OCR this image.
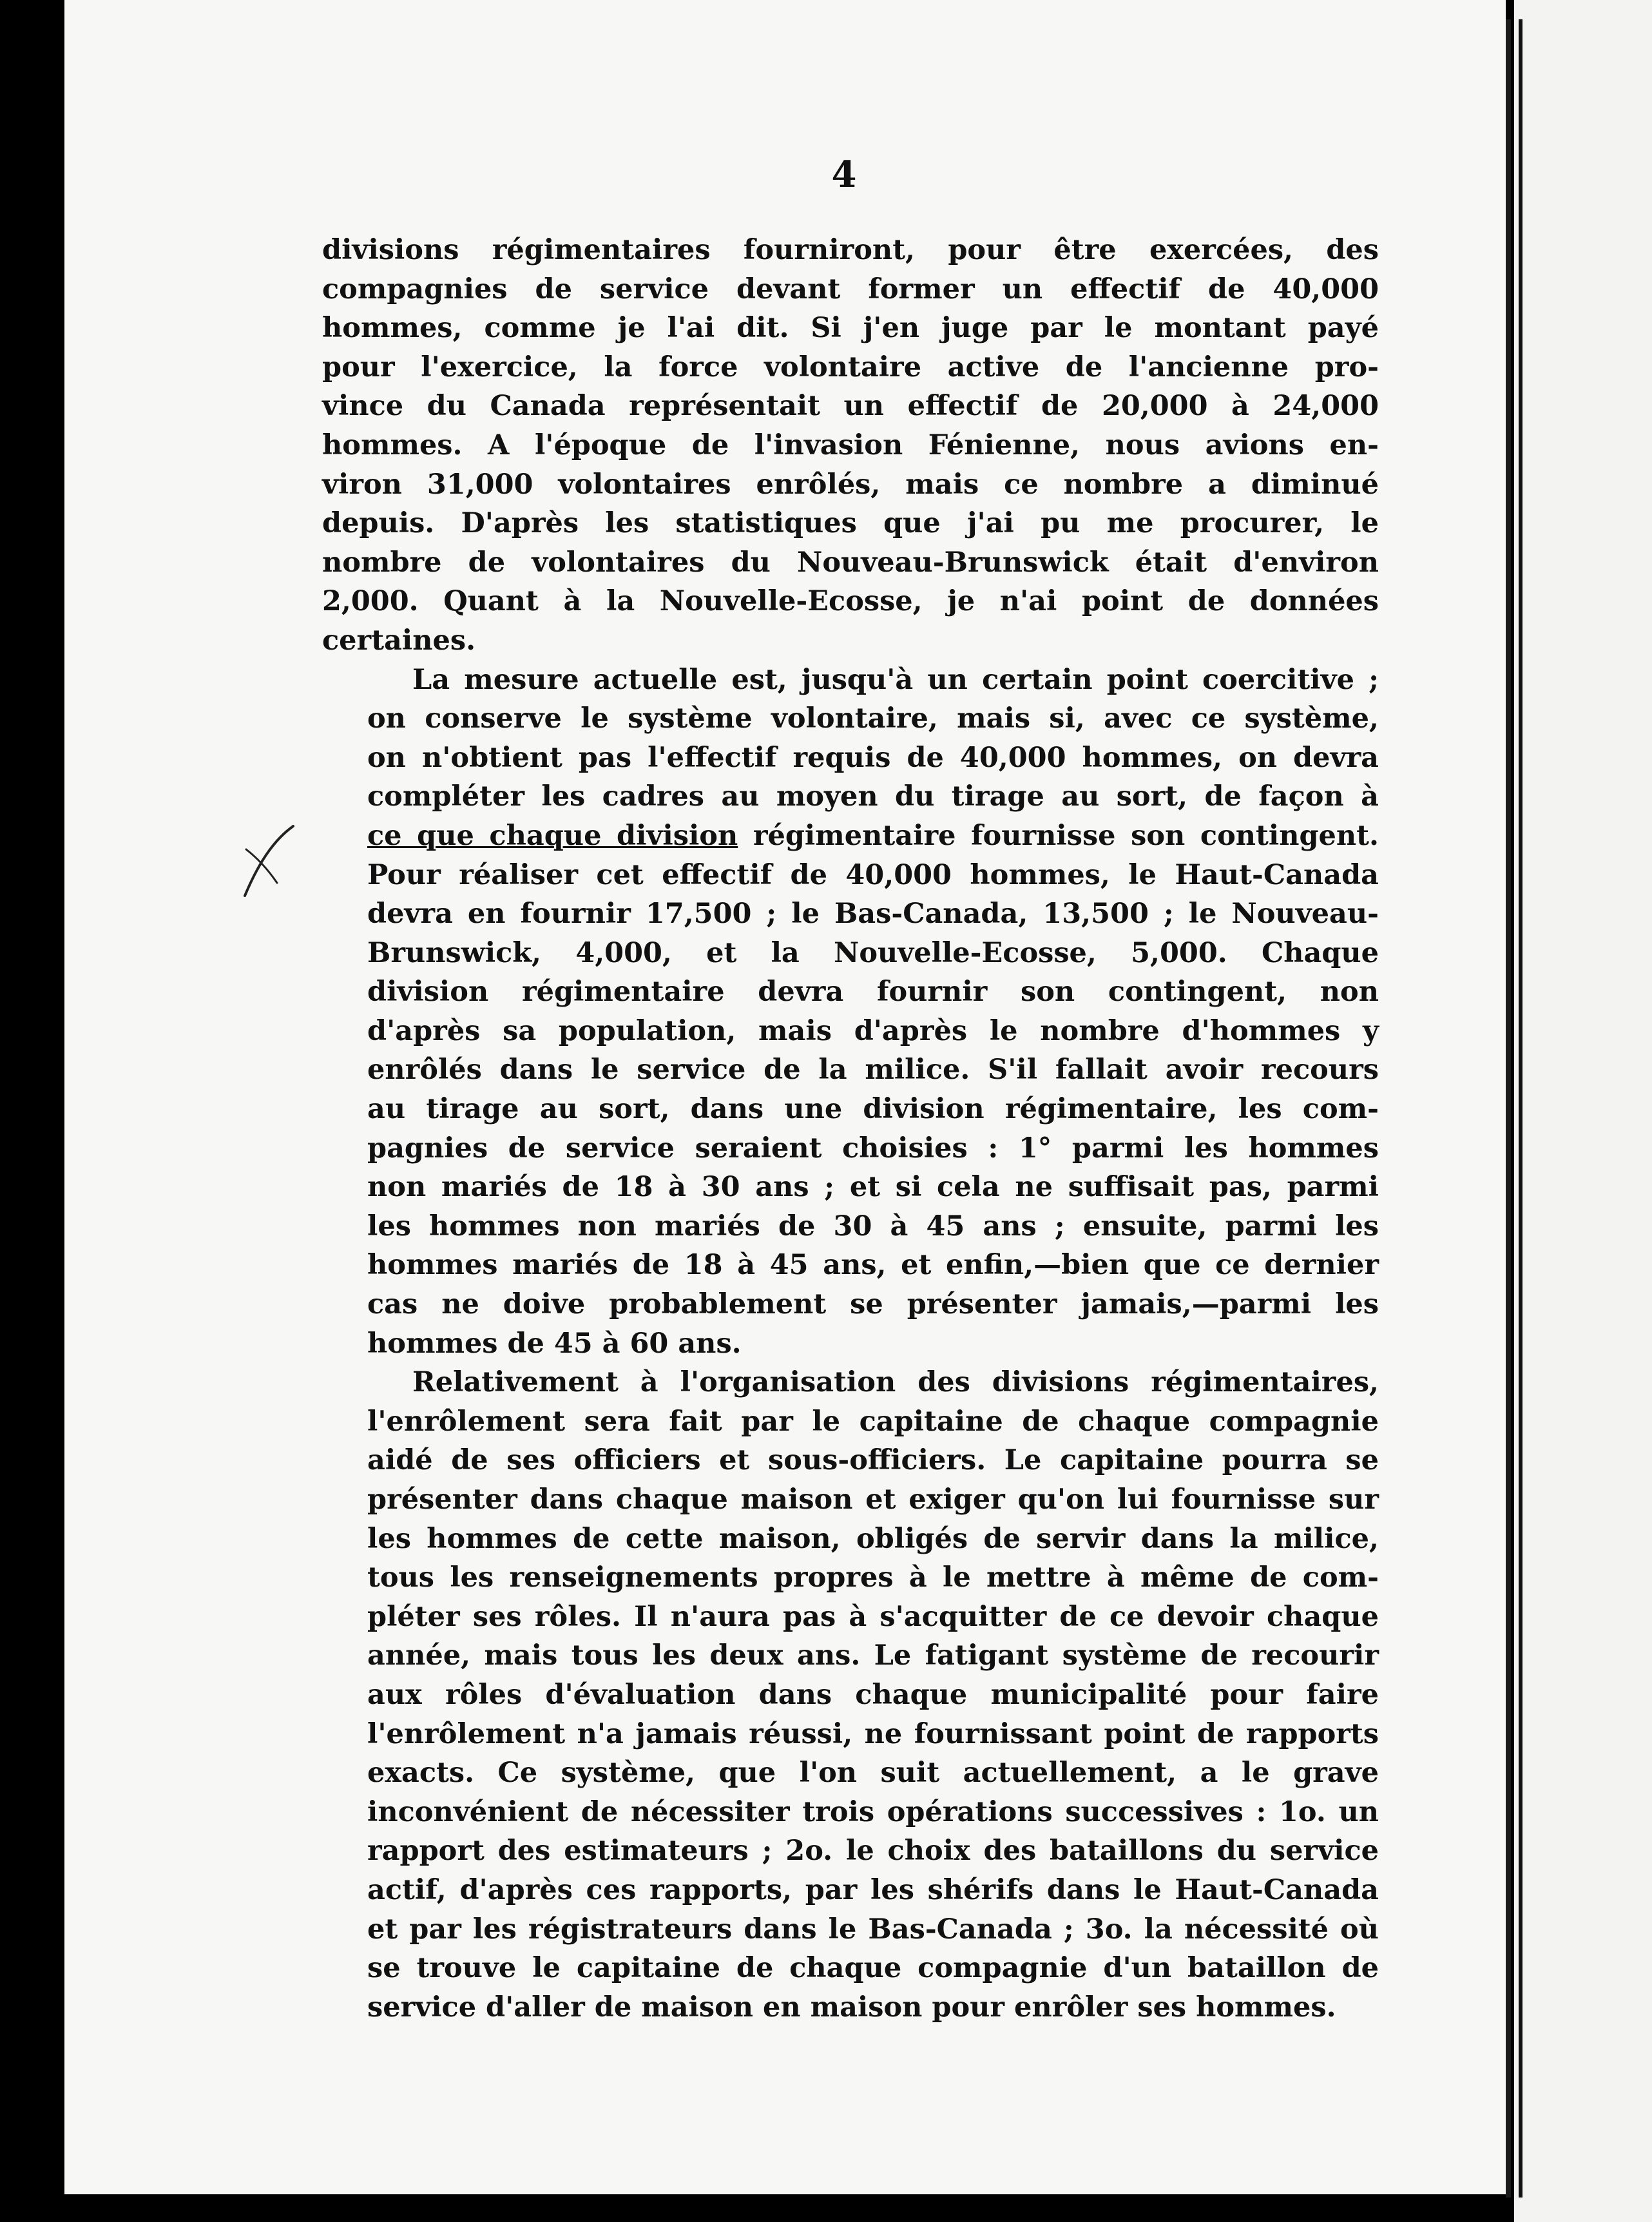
4
divisions régimentaires fourniront, pour être exercées, des
compagnies de service devant former un effectif de 40,000
hommes, comme je l'ai dit. Si j'en juge par le montant payé
pour l'exercice, la force volontaire active de l'ancienne pro-
vince du Canada représentait un effectif de 20,000 à 24,000
hommes. A l'époque de l'invasion Fénienne, nous avions en-
viron 31,000 volontaires enrôlés, mais ce nombre a diminué
depuis. D'après les statistiques que j'ai pu me procurer, le
nombre de volontaires du Nouveau-Brunswick était d'environ
2,000. Quant à la Nouvelle-Ecosse, je n'ai point de données
certaines.
La mesure actuelle est, jusqu'à un certain point coercitive ;
on conserve le système volontaire, mais si, avec ce système,
on n'obtient pas l'effectif requis de 40,000 hommes, on devra
compléter les cadres au moyen du tirage au sort, de façon à
ce que chaque division régimentaire fournisse son contingent.
Pour réaliser cet effectif de 40,000 hommes, le Haut-Canada
devra en fournir 17,500 ; le Bas-Canada, 13,500 ; le Nouveau-
Brunswick, 4,000, et la Nouvelle-Ecosse, 5,000. Chaque
division régimentaire devra fournir son contingent, non
d'après sa population, mais d'après le nombre d'hommes y
enrôlés dans le service de la milice. S'il fallait avoir recours
au tirage au sort, dans une division régimentaire, les com-
pagnies de service seraient choisies : 1° parmi les hommes
non mariés de 18 à 30 ans ; et si cela ne suffisait pas, parmi
les hommes non mariés de 30 à 45 ans ; ensuite, parmi les
hommes mariés de 18 à 45 ans, et enfin,—bien que ce dernier
cas ne doive probablement se présenter jamais,—parmi les
hommes de 45 à 60 ans.
Relativement à l'organisation des divisions régimentaires,
l'enrôlement sera fait par le capitaine de chaque compagnie
aidé de ses officiers et sous-officiers. Le capitaine pourra se
présenter dans chaque maison et exiger qu'on lui fournisse sur
les hommes de cette maison, obligés de servir dans la milice,
tous les renseignements propres à le mettre à même de com-
pléter ses rôles. Il n'aura pas à s'acquitter de ce devoir chaque
année, mais tous les deux ans. Le fatigant système de recourir
aux rôles d'évaluation dans chaque municipalité pour faire
l'enrôlement n'a jamais réussi, ne fournissant point de rapports
exacts. Ce système, que l'on suit actuellement, a le grave
inconvénient de nécessiter trois opérations successives : 1o. un
rapport des estimateurs ; 2o. le choix des bataillons du service
actif, d'après ces rapports, par les shérifs dans le Haut-Canada
et par les régistrateurs dans le Bas-Canada ; 3o. la nécessité où
se trouve le capitaine de chaque compagnie d'un bataillon de
service d'aller de maison en maison pour enrôler ses hommes.
